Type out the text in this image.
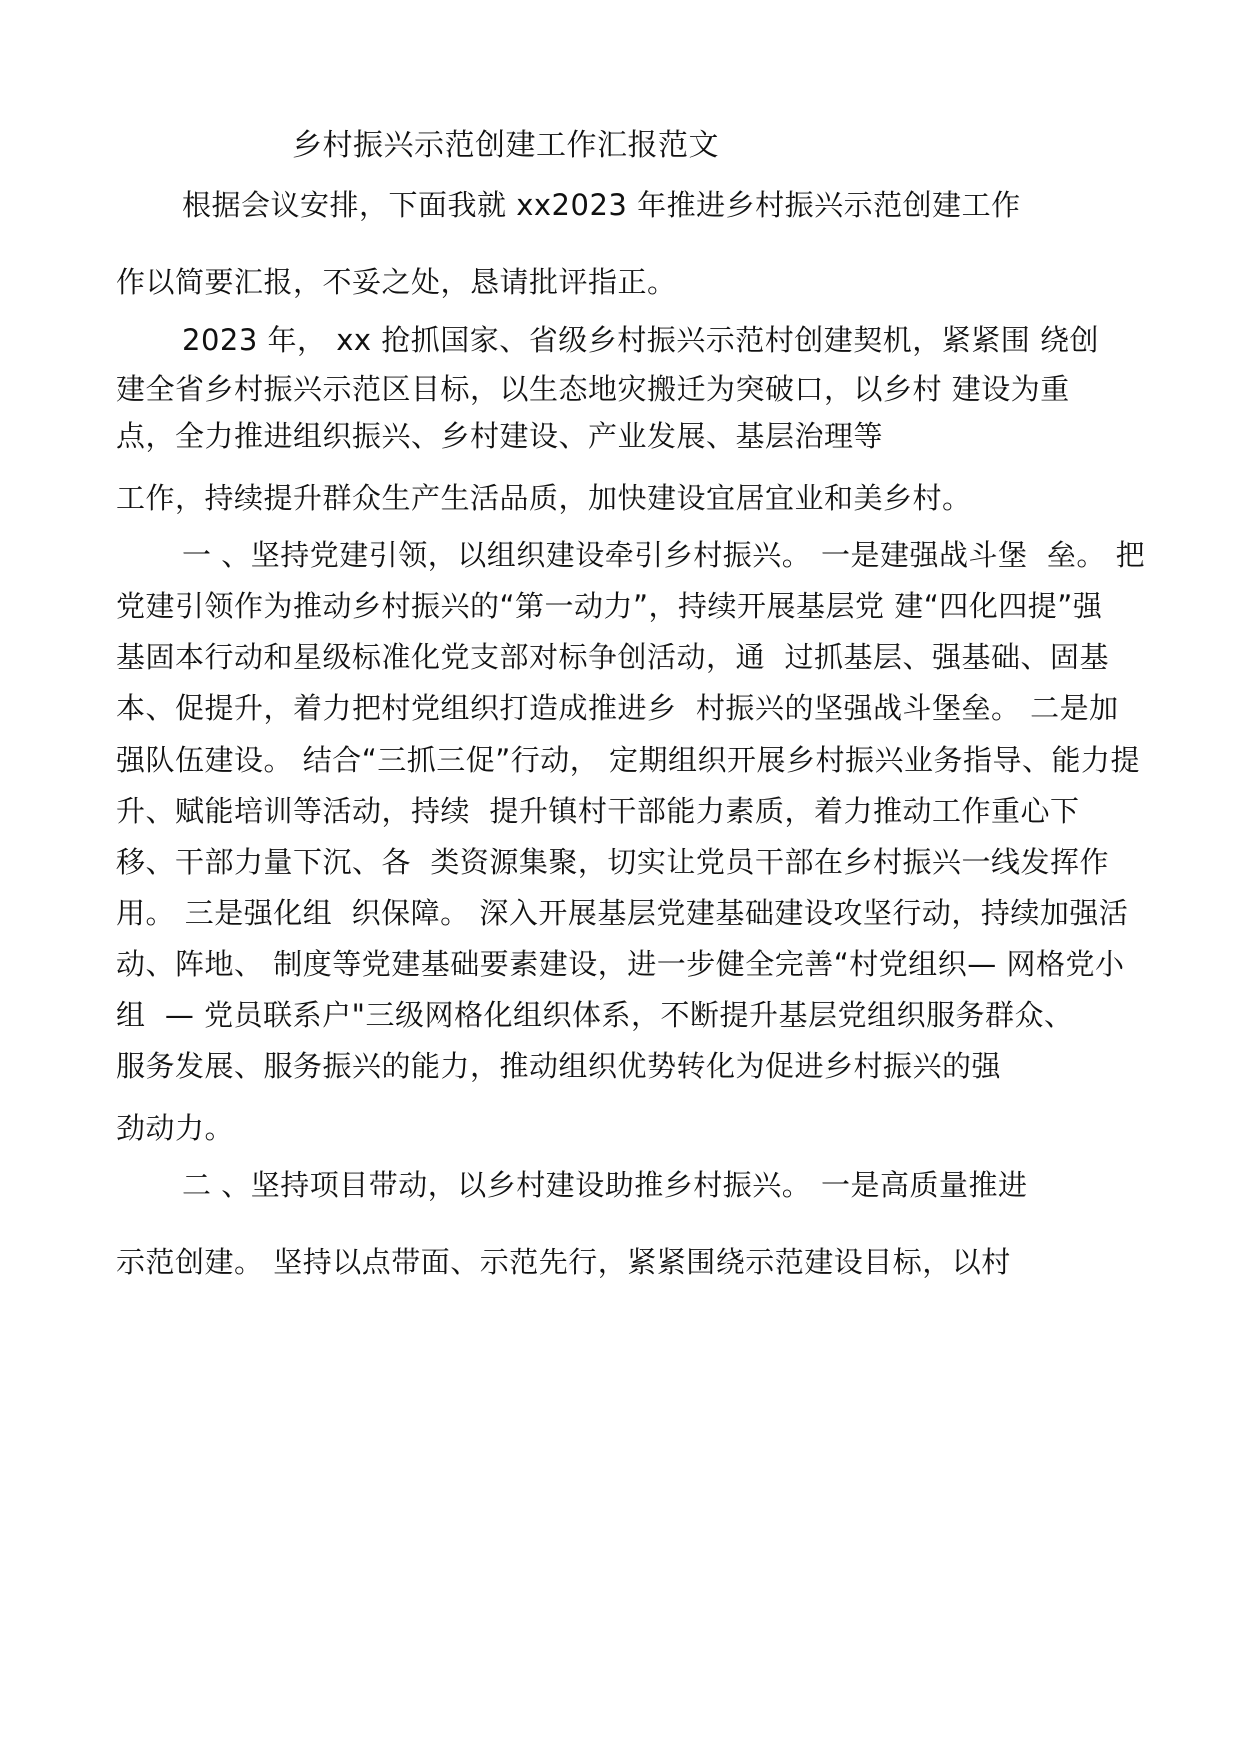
乡村振兴示范创建工作汇报范文
根据会议安排，下面我就 xx2023 年推进乡村振兴示范创建工作
作以简要汇报，不妥之处，恳请批评指正。
2023 年， xx 抢抓国家、省级乡村振兴示范村创建契机，紧紧围 绕创
建全省乡村振兴示范区目标，以生态地灾搬迁为突破口，以乡村 建设为重
点，全力推进组织振兴、乡村建设、产业发展、基层治理等
工作，持续提升群众生产生活品质，加快建设宜居宜业和美乡村。
一 、坚持党建引领，以组织建设牵引乡村振兴。 一是建强战斗堡  垒。 把
党建引领作为推动乡村振兴的“第一动力”，持续开展基层党 建“四化四提”强
基固本行动和星级标准化党支部对标争创活动，通  过抓基层、强基础、固基
本、促提升，着力把村党组织打造成推进乡  村振兴的坚强战斗堡垒。 二是加
强队伍建设。 结合“三抓三促”行动， 定期组织开展乡村振兴业务指导、能力提
升、赋能培训等活动，持续  提升镇村干部能力素质，着力推动工作重心下
移、干部力量下沉、各  类资源集聚，切实让党员干部在乡村振兴一线发挥作
用。 三是强化组  织保障。 深入开展基层党建基础建设攻坚行动，持续加强活
动、阵地、 制度等党建基础要素建设，进一步健全完善“村党组织— 网格党小
组  — 党员联系户"三级网格化组织体系，不断提升基层党组织服务群众、
服务发展、服务振兴的能力，推动组织优势转化为促进乡村振兴的强
劲动力。
二 、坚持项目带动，以乡村建设助推乡村振兴。 一是高质量推进
示范创建。 坚持以点带面、示范先行，紧紧围绕示范建设目标，以村
